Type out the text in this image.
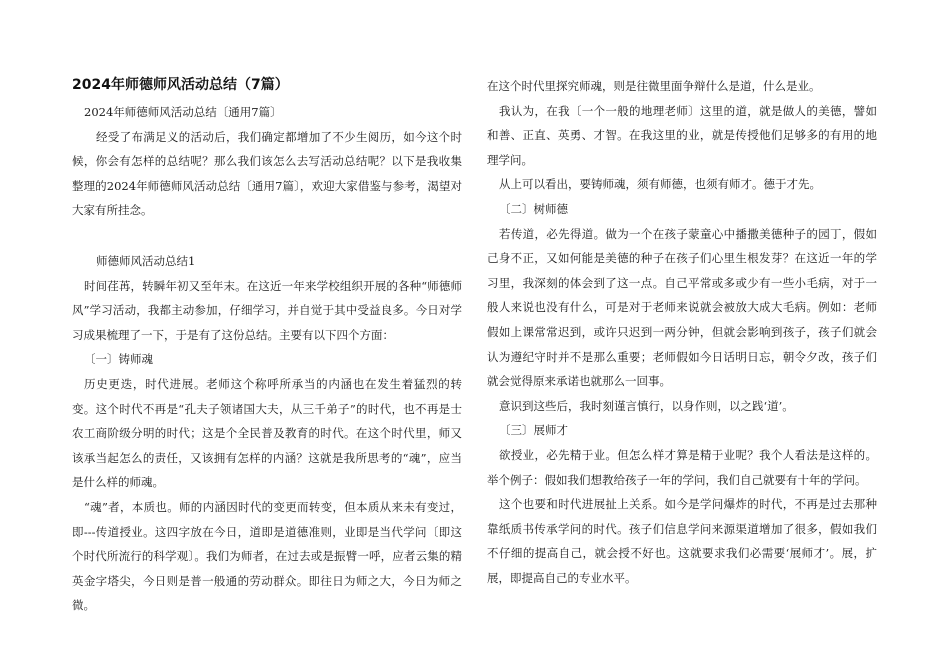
2024年师德师风活动总结（7篇）

2024年师德师风活动总结〔通用7篇〕

经受了布满足义的活动后，我们确定都增加了不少生阅历，如今这个时候，你会有怎样的总结呢？那么我们该怎么去写活动总结呢？以下是我收集整理的2024年师德师风活动总结〔通用7篇〕，欢迎大家借鉴与参考，渴望对大家有所挂念。

师德师风活动总结1

时间荏苒，转瞬年初又至年末。在这近一年来学校组织开展的各种“师德师风”学习活动，我都主动参加，仔细学习，并自觉于其中受益良多。今日对学习成果梳理了一下，于是有了这份总结。主要有以下四个方面：

〔一〕铸师魂

历史更迭，时代进展。老师这个称呼所承当的内涵也在发生着猛烈的转变。这个时代不再是“孔夫子领诸国大夫，从三千弟子”的时代，也不再是士农工商阶级分明的时代；这是个全民普及教育的时代。在这个时代里，师又该承当起怎么的责任，又该拥有怎样的内涵？这就是我所思考的“魂”，应当是什么样的师魂。

“魂”者，本质也。师的内涵因时代的变更而转变，但本质从来未有变过，即---传道授业。这四字放在今日，道即是道德准则，业即是当代学问〔即这个时代所流行的科学观〕。我们为师者，在过去或是振臂一呼，应者云集的精英金字塔尖，今日则是普一般通的劳动群众。即往日为师之大，今日为师之微。

在这个时代里探究师魂，则是往微里面争辩什么是道，什么是业。

我认为，在我〔一个一般的地理老师〕这里的道，就是做人的美德，譬如和善、正直、英勇、才智。在我这里的业，就是传授他们足够多的有用的地理学问。

从上可以看出，要铸师魂，须有师德，也须有师才。德于才先。

〔二〕树师德

若传道，必先得道。做为一个在孩子蒙童心中播撒美德种子的园丁，假如己身不正，又如何能是美德的种子在孩子们心里生根发芽？在这近一年的学习里，我深刻的体会到了这一点。自己平常或多或少有一些小毛病，对于一般人来说也没有什么，可是对于老师来说就会被放大成大毛病。例如：老师假如上课常常迟到，或许只迟到一两分钟，但就会影响到孩子，孩子们就会认为遵纪守时并不是那么重要；老师假如今日话明日忘，朝令夕改，孩子们就会觉得原来承诺也就那么一回事。

意识到这些后，我时刻谨言慎行，以身作则，以之践‘道’。

〔三〕展师才

欲授业，必先精于业。但怎么样才算是精于业呢？我个人看法是这样的。举个例子：假如我们想教给孩子一年的学问，我们自己就要有十年的学问。

这个也要和时代进展扯上关系。如今是学问爆炸的时代，不再是过去那种靠纸质书传承学问的时代。孩子们信息学问来源渠道增加了很多，假如我们不仔细的提高自己，就会授不好也。这就要求我们必需要‘展师才’。展，扩展，即提高自己的专业水平。
